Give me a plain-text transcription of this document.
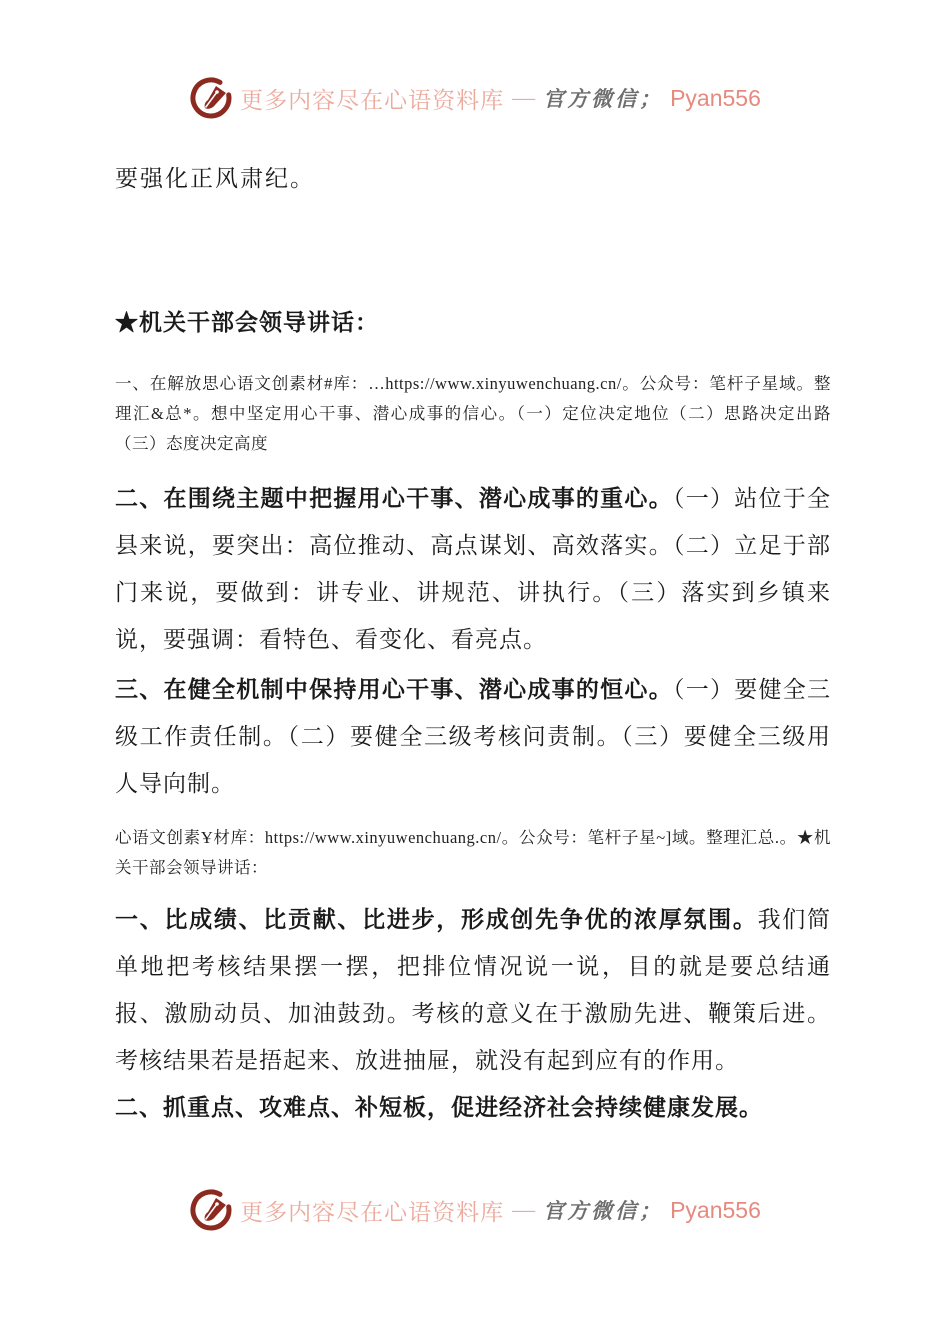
更多内容尽在心语资料库 — 官方微信； Pyan556

要强化正风肃纪。

★机关干部会领导讲话：

一、在解放思心语文创素材#库：…https://www.xinyuwenchuang.cn/。公众号：笔杆子星域。整理汇&总*。想中坚定用心干事、潜心成事的信心。（一）定位决定地位（二）思路决定出路（三）态度决定高度

二、在围绕主题中把握用心干事、潜心成事的重心。（一）站位于全县来说，要突出：高位推动、高点谋划、高效落实。（二）立足于部门来说，要做到：讲专业、讲规范、讲执行。（三）落实到乡镇来说，要强调：看特色、看变化、看亮点。

三、在健全机制中保持用心干事、潜心成事的恒心。（一）要健全三级工作责任制。（二）要健全三级考核问责制。（三）要健全三级用人导向制。

心语文创素Ұ材库：https://www.xinyuwenchuang.cn/。公众号：笔杆子星~]域。整理汇总.。★机关干部会领导讲话：

一、比成绩、比贡献、比进步，形成创先争优的浓厚氛围。我们简单地把考核结果摆一摆，把排位情况说一说，目的就是要总结通报、激励动员、加油鼓劲。考核的意义在于激励先进、鞭策后进。考核结果若是捂起来、放进抽屉，就没有起到应有的作用。

二、抓重点、攻难点、补短板，促进经济社会持续健康发展。

更多内容尽在心语资料库 — 官方微信； Pyan556
